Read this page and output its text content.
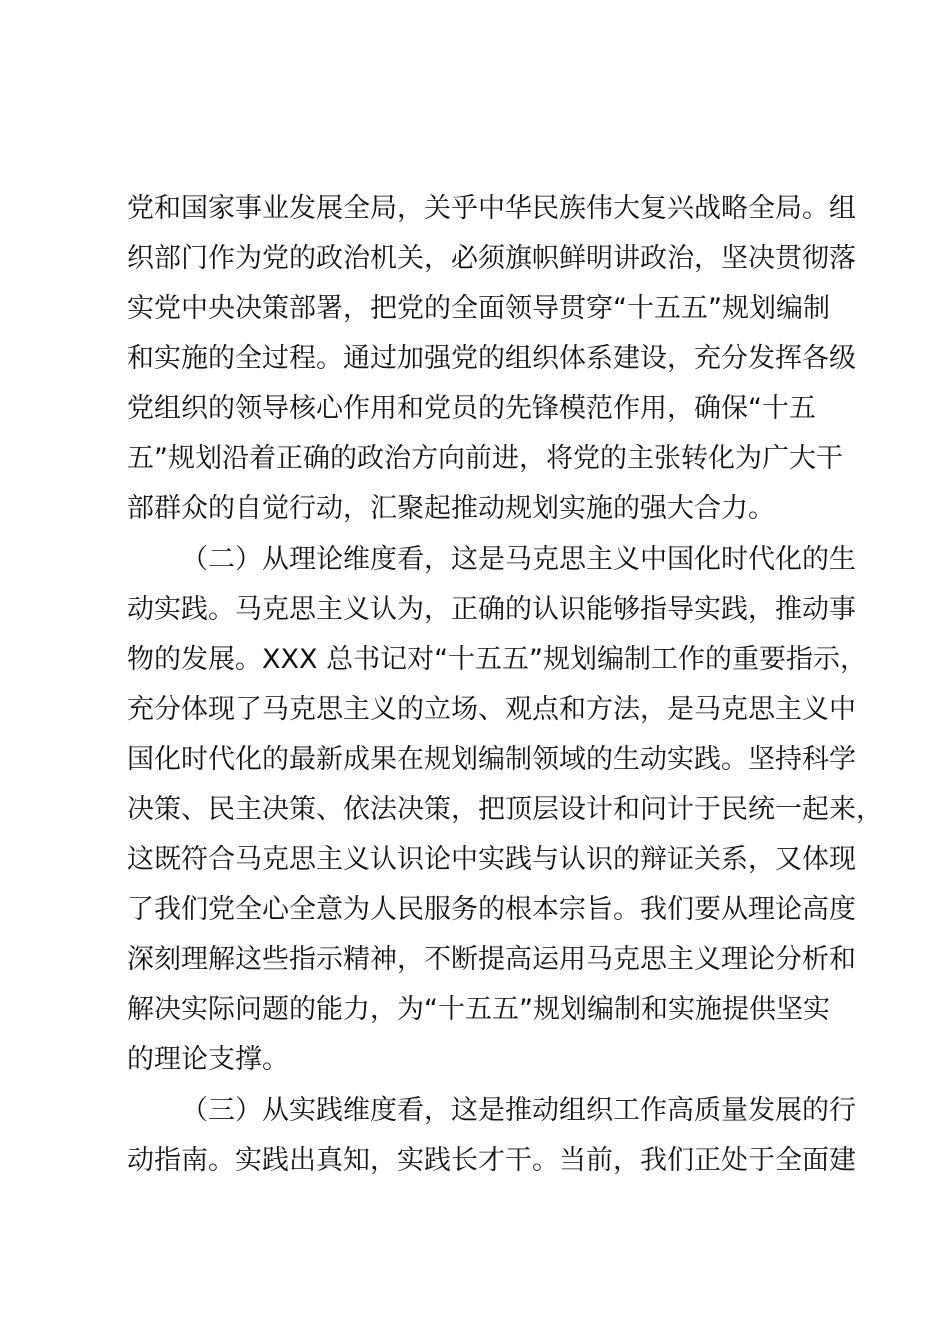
党和国家事业发展全局，关乎中华民族伟大复兴战略全局。组
织部门作为党的政治机关，必须旗帜鲜明讲政治，坚决贯彻落
实党中央决策部署，把党的全面领导贯穿“十五五”规划编制
和实施的全过程。通过加强党的组织体系建设，充分发挥各级
党组织的领导核心作用和党员的先锋模范作用，确保“十五
五”规划沿着正确的政治方向前进，将党的主张转化为广大干
部群众的自觉行动，汇聚起推动规划实施的强大合力。
（二）从理论维度看，这是马克思主义中国化时代化的生
动实践。马克思主义认为，正确的认识能够指导实践，推动事
物的发展。XXX 总书记对“十五五”规划编制工作的重要指示，
充分体现了马克思主义的立场、观点和方法，是马克思主义中
国化时代化的最新成果在规划编制领域的生动实践。坚持科学
决策、民主决策、依法决策，把顶层设计和问计于民统一起来，
这既符合马克思主义认识论中实践与认识的辩证关系，又体现
了我们党全心全意为人民服务的根本宗旨。我们要从理论高度
深刻理解这些指示精神，不断提高运用马克思主义理论分析和
解决实际问题的能力，为“十五五”规划编制和实施提供坚实
的理论支撑。
（三）从实践维度看，这是推动组织工作高质量发展的行
动指南。实践出真知，实践长才干。当前，我们正处于全面建
